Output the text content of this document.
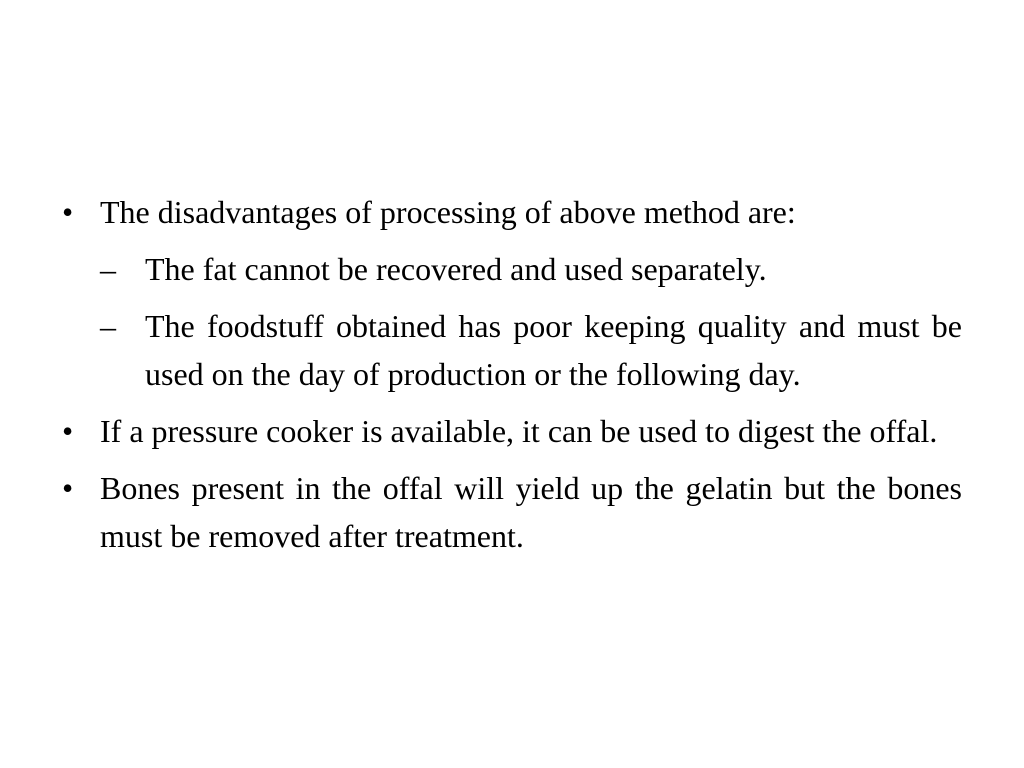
• The disadvantages of processing of above method are:
– The fat cannot be recovered and used separately.
– The foodstuff obtained has poor keeping quality and must be used on the day of production or the following day.
• If a pressure cooker is available, it can be used to digest the offal.
• Bones present in the offal will yield up the gelatin but the bones must be removed after treatment.
